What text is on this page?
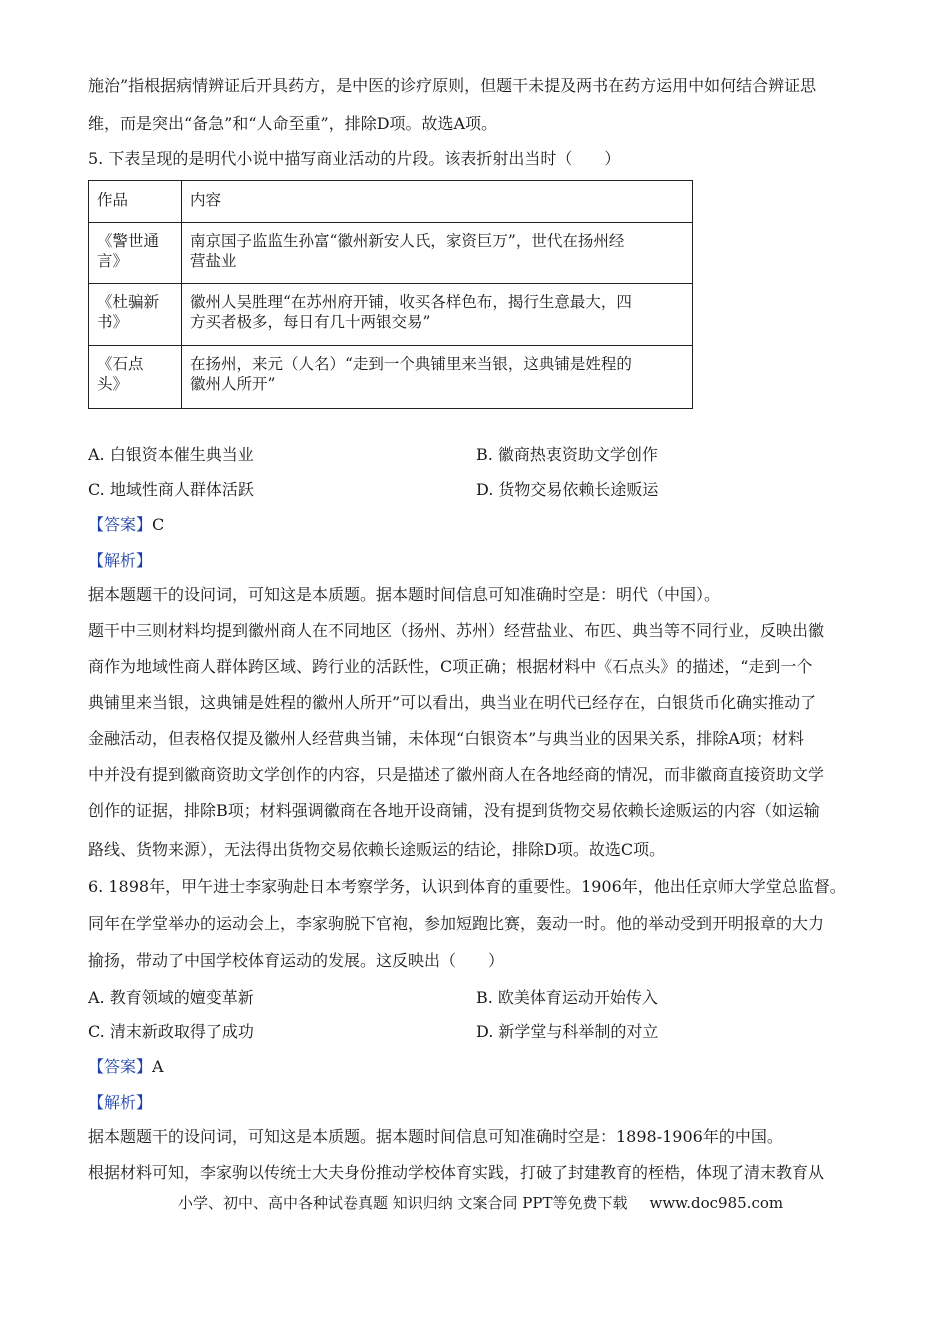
施治”指根据病情辨证后开具药方，是中医的诊疗原则，但题干未提及两书在药方运用中如何结合辨证思
维，而是突出“备急”和“人命至重”，排除D项。故选A项。
5. 下表呈现的是明代小说中描写商业活动的片段。该表折射出当时（　　）
作品	内容
《警世通
言》	南京国子监监生孙富“徽州新安人氏，家资巨万”，世代在扬州经
营盐业
《杜骗新
书》	徽州人吴胜理“在苏州府开铺，收买各样色布，揭行生意最大，四
方买者极多，每日有几十两银交易”
《石点
头》	在扬州，来元（人名）“走到一个典铺里来当银，这典铺是姓程的
徽州人所开”
A. 白银资本催生典当业	B. 徽商热衷资助文学创作
C. 地域性商人群体活跃	D. 货物交易依赖长途贩运
【答案】C
【解析】
据本题题干的设问词，可知这是本质题。据本题时间信息可知准确时空是：明代（中国）。
题干中三则材料均提到徽州商人在不同地区（扬州、苏州）经营盐业、布匹、典当等不同行业，反映出徽
商作为地域性商人群体跨区域、跨行业的活跃性，C项正确；根据材料中《石点头》的描述，“走到一个
典铺里来当银，这典铺是姓程的徽州人所开”可以看出，典当业在明代已经存在，白银货币化确实推动了
金融活动，但表格仅提及徽州人经营典当铺，未体现“白银资本”与典当业的因果关系，排除A项；材料
中并没有提到徽商资助文学创作的内容，只是描述了徽州商人在各地经商的情况，而非徽商直接资助文学
创作的证据，排除B项；材料强调徽商在各地开设商铺，没有提到货物交易依赖长途贩运的内容（如运输
路线、货物来源），无法得出货物交易依赖长途贩运的结论，排除D项。故选C项。
6. 1898年，甲午进士李家驹赴日本考察学务，认识到体育的重要性。1906年，他出任京师大学堂总监督。
同年在学堂举办的运动会上，李家驹脱下官袍，参加短跑比赛，轰动一时。他的举动受到开明报章的大力
揄扬，带动了中国学校体育运动的发展。这反映出（　　）
A. 教育领域的嬗变革新	B. 欧美体育运动开始传入
C. 清末新政取得了成功	D. 新学堂与科举制的对立
【答案】A
【解析】
据本题题干的设问词，可知这是本质题。据本题时间信息可知准确时空是：1898-1906年的中国。
根据材料可知，李家驹以传统士大夫身份推动学校体育实践，打破了封建教育的桎梏，体现了清末教育从
小学、初中、高中各种试卷真题 知识归纳 文案合同 PPT等免费下载 www.doc985.com
